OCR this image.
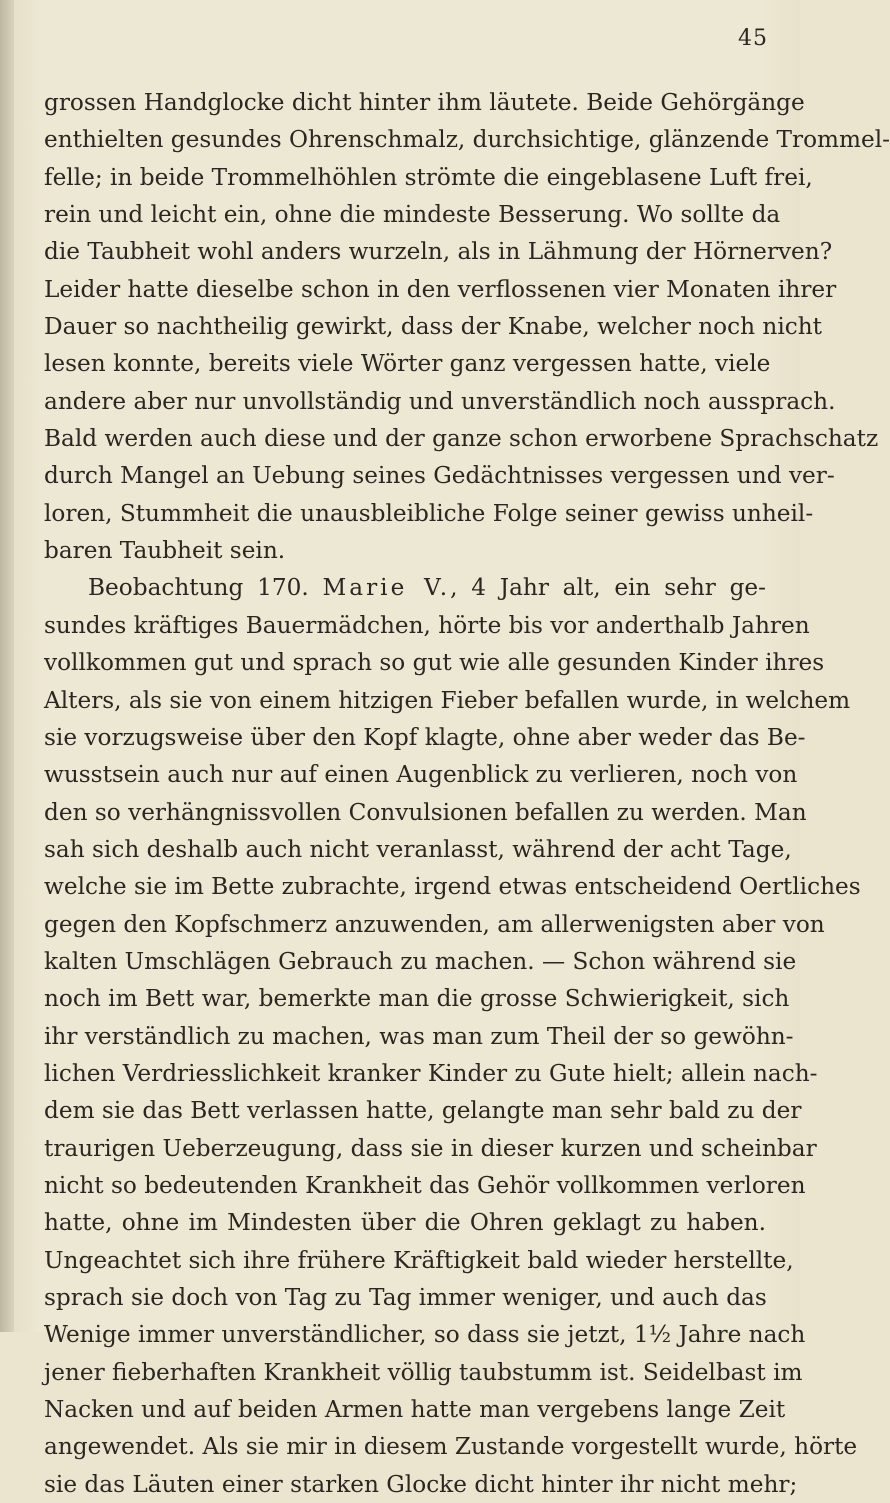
45
grossen Handglocke dicht hinter ihm läutete. Beide Gehörgänge
enthielten gesundes Ohrenschmalz, durchsichtige, glänzende Trommel-
felle; in beide Trommelhöhlen strömte die eingeblasene Luft frei,
rein und leicht ein, ohne die mindeste Besserung. Wo sollte da
die Taubheit wohl anders wurzeln, als in Lähmung der Hörnerven?
Leider hatte dieselbe schon in den verflossenen vier Monaten ihrer
Dauer so nachtheilig gewirkt, dass der Knabe, welcher noch nicht
lesen konnte, bereits viele Wörter ganz vergessen hatte, viele
andere aber nur unvollständig und unverständlich noch aussprach.
Bald werden auch diese und der ganze schon erworbene Sprachschatz
durch Mangel an Uebung seines Gedächtnisses vergessen und ver-
loren, Stummheit die unausbleibliche Folge seiner gewiss unheil-
baren Taubheit sein.
Beobachtung 170. Marie V., 4 Jahr alt, ein sehr ge-
sundes kräftiges Bauermädchen, hörte bis vor anderthalb Jahren
vollkommen gut und sprach so gut wie alle gesunden Kinder ihres
Alters, als sie von einem hitzigen Fieber befallen wurde, in welchem
sie vorzugsweise über den Kopf klagte, ohne aber weder das Be-
wusstsein auch nur auf einen Augenblick zu verlieren, noch von
den so verhängnissvollen Convulsionen befallen zu werden. Man
sah sich deshalb auch nicht veranlasst, während der acht Tage,
welche sie im Bette zubrachte, irgend etwas entscheidend Oertliches
gegen den Kopfschmerz anzuwenden, am allerwenigsten aber von
kalten Umschlägen Gebrauch zu machen. — Schon während sie
noch im Bett war, bemerkte man die grosse Schwierigkeit, sich
ihr verständlich zu machen, was man zum Theil der so gewöhn-
lichen Verdriesslichkeit kranker Kinder zu Gute hielt; allein nach-
dem sie das Bett verlassen hatte, gelangte man sehr bald zu der
traurigen Ueberzeugung, dass sie in dieser kurzen und scheinbar
nicht so bedeutenden Krankheit das Gehör vollkommen verloren
hatte, ohne im Mindesten über die Ohren geklagt zu haben.
Ungeachtet sich ihre frühere Kräftigkeit bald wieder herstellte,
sprach sie doch von Tag zu Tag immer weniger, und auch das
Wenige immer unverständlicher, so dass sie jetzt, 1½ Jahre nach
jener fieberhaften Krankheit völlig taubstumm ist. Seidelbast im
Nacken und auf beiden Armen hatte man vergebens lange Zeit
angewendet. Als sie mir in diesem Zustande vorgestellt wurde, hörte
sie das Läuten einer starken Glocke dicht hinter ihr nicht mehr;
